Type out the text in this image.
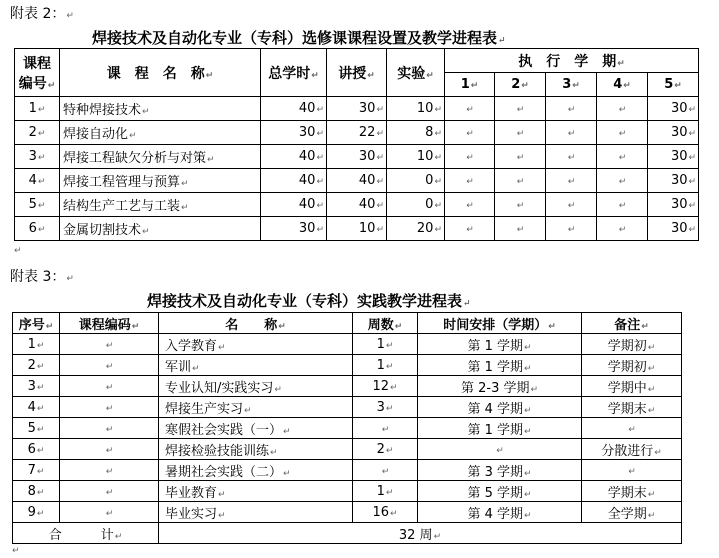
附表 2：↵
焊接技术及自动化专业（专科）选修课课程设置及教学进程表↵
课程
编号↵	课　程　名　称↵	总学时↵	讲授↵	实验↵	执　行　学　期↵				
					1↵	2↵	3↵	4↵	5↵
1↵	特种焊接技术↵	40↵	30↵	10↵	↵	↵	↵	↵	30↵
2↵	焊接自动化↵	30↵	22↵	8↵	↵	↵	↵	↵	30↵
3↵	焊接工程缺欠分析与对策↵	40↵	30↵	10↵	↵	↵	↵	↵	30↵
4↵	焊接工程管理与预算↵	40↵	40↵	0↵	↵	↵	↵	↵	30↵
5↵	结构生产工艺与工装↵	40↵	40↵	0↵	↵	↵	↵	↵	30↵
6↵	金属切割技术↵	30↵	10↵	20↵	↵	↵	↵	↵	30↵
↵
附表 3：↵
焊接技术及自动化专业（专科）实践教学进程表↵
序号↵	课程编码↵	名　　称↵	周数↵	时间安排（学期）↵	备注↵
1↵	↵	入学教育↵	1↵	第 1 学期↵	学期初↵
2↵	↵	军训↵	1↵	第 1 学期↵	学期初↵
3↵	↵	专业认知/实践实习↵	12↵	第 2-3 学期↵	学期中↵
4↵	↵	焊接生产实习↵	3↵	第 4 学期↵	学期末↵
5↵	↵	寒假社会实践（一）↵	↵	第 1 学期↵	↵
6↵	↵	焊接检验技能训练↵	2↵	↵	分散进行↵
7↵	↵	暑期社会实践（二）↵	↵	第 3 学期↵	↵
8↵	↵	毕业教育↵	1↵	第 5 学期↵	学期末↵
9↵	↵	毕业实习↵	16↵	第 4 学期↵	全学期↵
合　　　计↵		32 周↵			
↵
